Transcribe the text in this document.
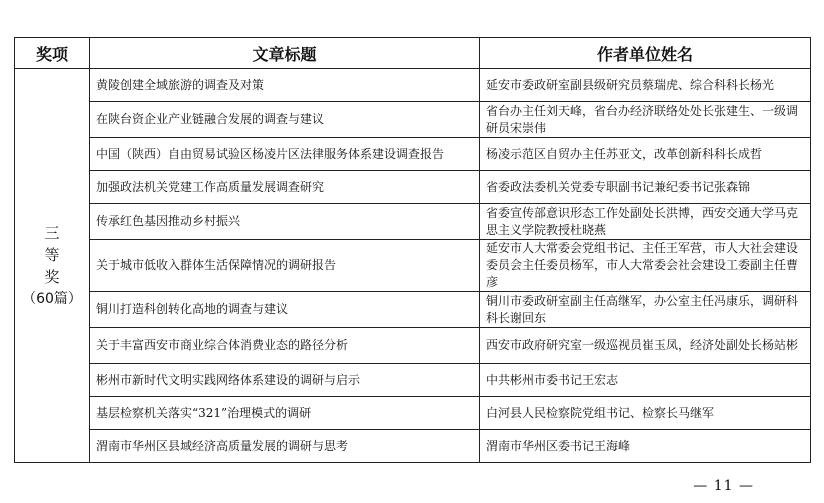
奖项	文章标题	作者单位姓名

三
等
奖
（60篇）	黄陵创建全域旅游的调查及对策	延安市委政研室副县级研究员蔡瑞虎、综合科科长杨光
	在陕台资企业产业链融合发展的调查与建议	省台办主任刘天峰，省台办经济联络处处长张建生、一级调研员宋崇伟
	中国（陕西）自由贸易试验区杨凌片区法律服务体系建设调查报告	杨凌示范区自贸办主任苏亚文，改革创新科科长成哲
	加强政法机关党建工作高质量发展调查研究	省委政法委机关党委专职副书记兼纪委书记张森锦
	传承红色基因推动乡村振兴	省委宣传部意识形态工作处副处长洪博，西安交通大学马克思主义学院教授杜晓燕
	关于城市低收入群体生活保障情况的调研报告	延安市人大常委会党组书记、主任王军营，市人大社会建设委员会主任委员杨军，市人大常委会社会建设工委副主任曹彦
	铜川打造科创转化高地的调查与建议	铜川市委政研室副主任高继军，办公室主任冯康乐，调研科科长谢回东
	关于丰富西安市商业综合体消费业态的路径分析	西安市政府研究室一级巡视员崔玉凤，经济处副处长杨站彬
	彬州市新时代文明实践网络体系建设的调研与启示	中共彬州市委书记王宏志
	基层检察机关落实“321”治理模式的调研	白河县人民检察院党组书记、检察长马继军
	渭南市华州区县域经济高质量发展的调研与思考	渭南市华州区委书记王海峰
— 11 —
